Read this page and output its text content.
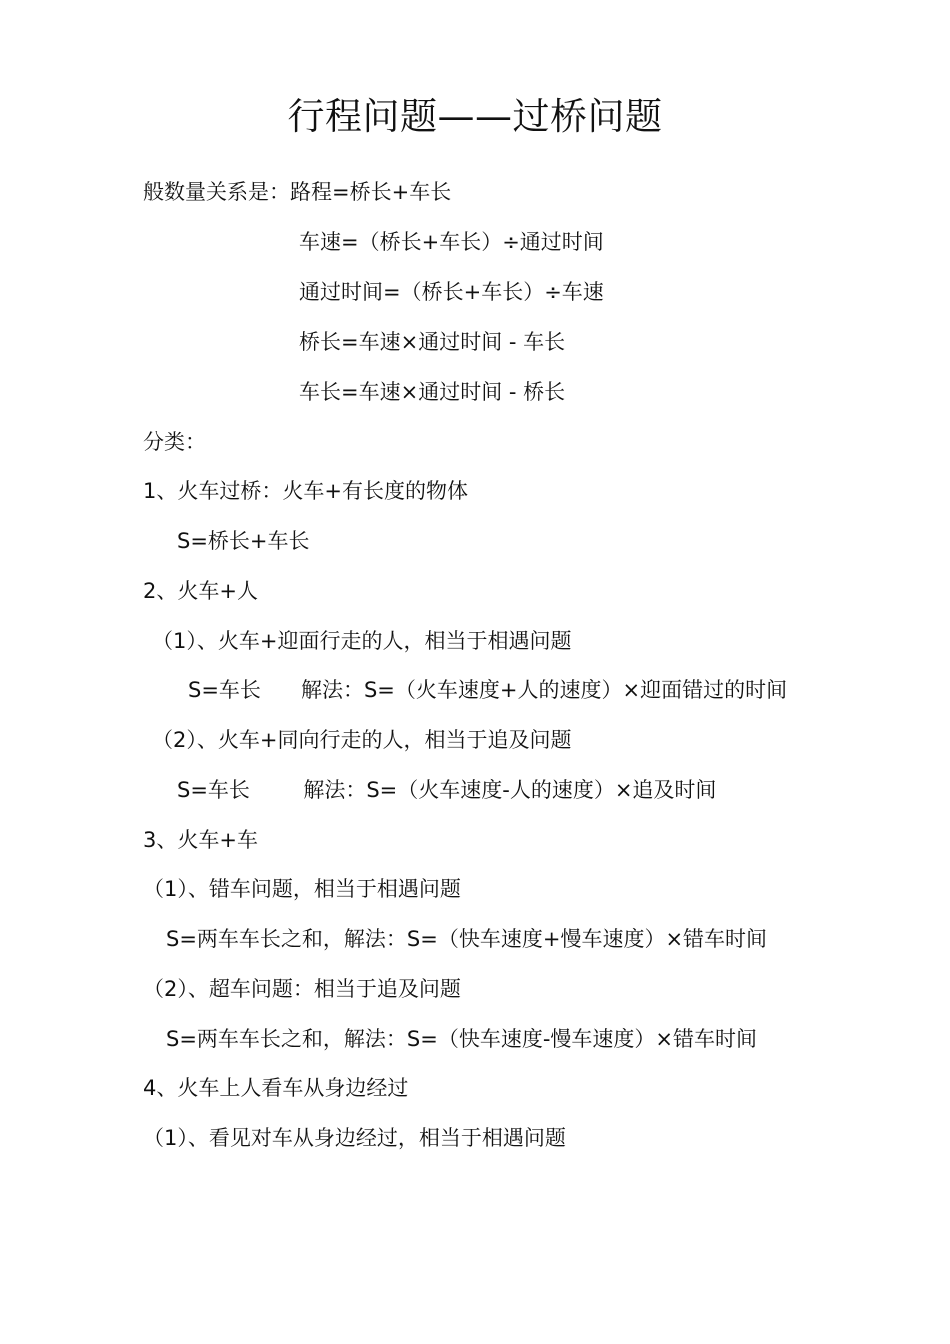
行程问题——过桥问题
般数量关系是：路程=桥长+车长
车速=（桥长+车长）÷通过时间
通过时间=（桥长+车长）÷车速
桥长=车速×通过时间 - 车长
车长=车速×通过时间 - 桥长
分类：
1、火车过桥：火车+有长度的物体
S=桥长+车长
2、火车+人
（1）、火车+迎面行走的人，相当于相遇问题
S=车长      解法：S=（火车速度+人的速度）×迎面错过的时间
（2）、火车+同向行走的人，相当于追及问题
S=车长        解法：S=（火车速度-人的速度）×追及时间
3、火车+车
（1）、错车问题，相当于相遇问题
S=两车车长之和，解法：S=（快车速度+慢车速度）×错车时间
（2）、超车问题：相当于追及问题
S=两车车长之和，解法：S=（快车速度-慢车速度）×错车时间
4、火车上人看车从身边经过
（1）、看见对车从身边经过，相当于相遇问题
